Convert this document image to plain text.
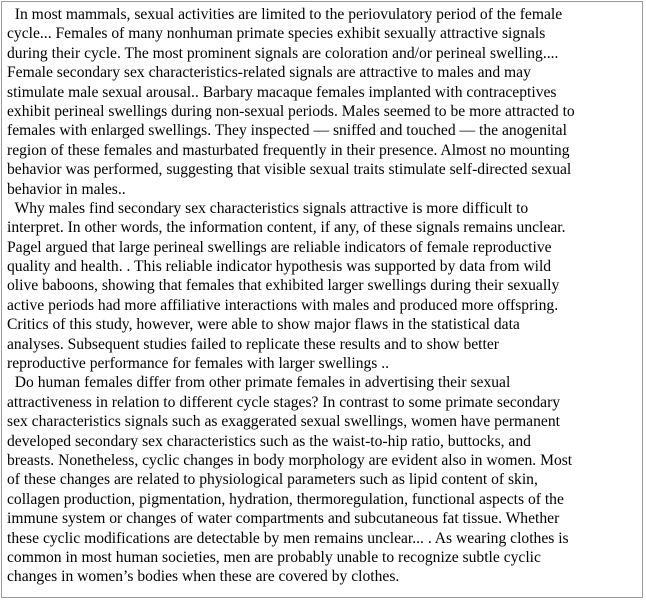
In most mammals, sexual activities are limited to the periovulatory period of the female
cycle... Females of many nonhuman primate species exhibit sexually attractive signals
during their cycle. The most prominent signals are coloration and/or perineal swelling....
Female secondary sex characteristics-related signals are attractive to males and may
stimulate male sexual arousal.. Barbary macaque females implanted with contraceptives
exhibit perineal swellings during non-sexual periods. Males seemed to be more attracted to
females with enlarged swellings. They inspected — sniffed and touched — the anogenital
region of these females and masturbated frequently in their presence. Almost no mounting
behavior was performed, suggesting that visible sexual traits stimulate self-directed sexual
behavior in males..
Why males find secondary sex characteristics signals attractive is more difficult to
interpret. In other words, the information content, if any, of these signals remains unclear.
Pagel argued that large perineal swellings are reliable indicators of female reproductive
quality and health. . This reliable indicator hypothesis was supported by data from wild
olive baboons, showing that females that exhibited larger swellings during their sexually
active periods had more affiliative interactions with males and produced more offspring.
Critics of this study, however, were able to show major flaws in the statistical data
analyses. Subsequent studies failed to replicate these results and to show better
reproductive performance for females with larger swellings ..
Do human females differ from other primate females in advertising their sexual
attractiveness in relation to different cycle stages? In contrast to some primate secondary
sex characteristics signals such as exaggerated sexual swellings, women have permanent
developed secondary sex characteristics such as the waist-to-hip ratio, buttocks, and
breasts. Nonetheless, cyclic changes in body morphology are evident also in women. Most
of these changes are related to physiological parameters such as lipid content of skin,
collagen production, pigmentation, hydration, thermoregulation, functional aspects of the
immune system or changes of water compartments and subcutaneous fat tissue. Whether
these cyclic modifications are detectable by men remains unclear... . As wearing clothes is
common in most human societies, men are probably unable to recognize subtle cyclic
changes in women’s bodies when these are covered by clothes.
